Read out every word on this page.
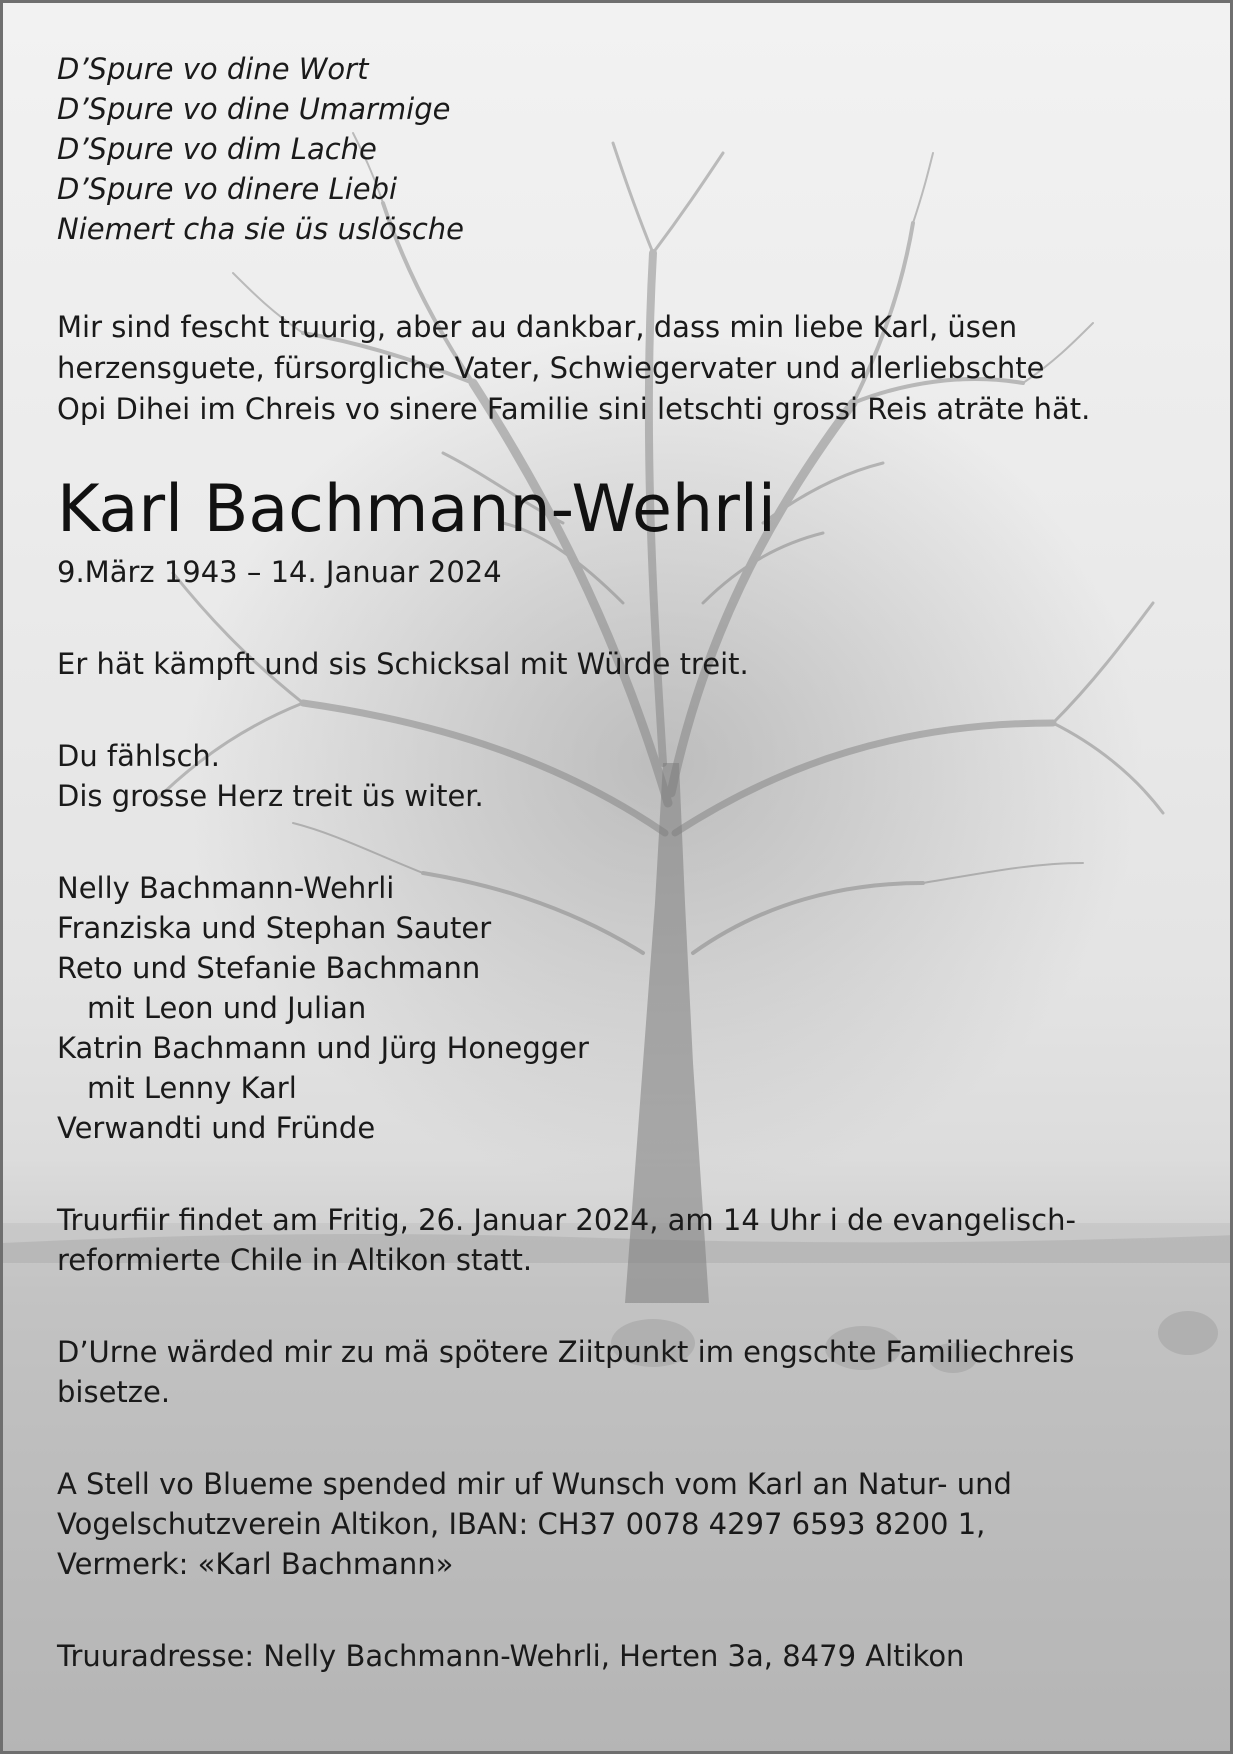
D’Spure vo dine Wort
D’Spure vo dine Umarmige
D’Spure vo dim Lache
D’Spure vo dinere Liebi
Niemert cha sie üs uslösche
Mir sind fescht truurig, aber au dankbar, dass min liebe Karl, üsen
herzensguete, fürsorgliche Vater, Schwiegervater und allerliebschte
Opi Dihei im Chreis vo sinere Familie sini letschti grossi Reis aträte hät.
Karl Bachmann-Wehrli
9.März 1943 – 14. Januar 2024
Er hät kämpft und sis Schicksal mit Würde treit.
Du fählsch.
Dis grosse Herz treit üs witer.
Nelly Bachmann-Wehrli
Franziska und Stephan Sauter
Reto und Stefanie Bachmann
mit Leon und Julian
Katrin Bachmann und Jürg Honegger
mit Lenny Karl
Verwandti und Fründe
Truurfiir findet am Fritig, 26. Januar 2024, am 14 Uhr i de evangelisch-
reformierte Chile in Altikon statt.
D’Urne wärded mir zu mä spötere Ziitpunkt im engschte Familiechreis
bisetze.
A Stell vo Blueme spended mir uf Wunsch vom Karl an Natur- und
Vogelschutzverein Altikon, IBAN: CH37 0078 4297 6593 8200 1,
Vermerk: «Karl Bachmann»
Truuradresse: Nelly Bachmann-Wehrli, Herten 3a, 8479 Altikon
